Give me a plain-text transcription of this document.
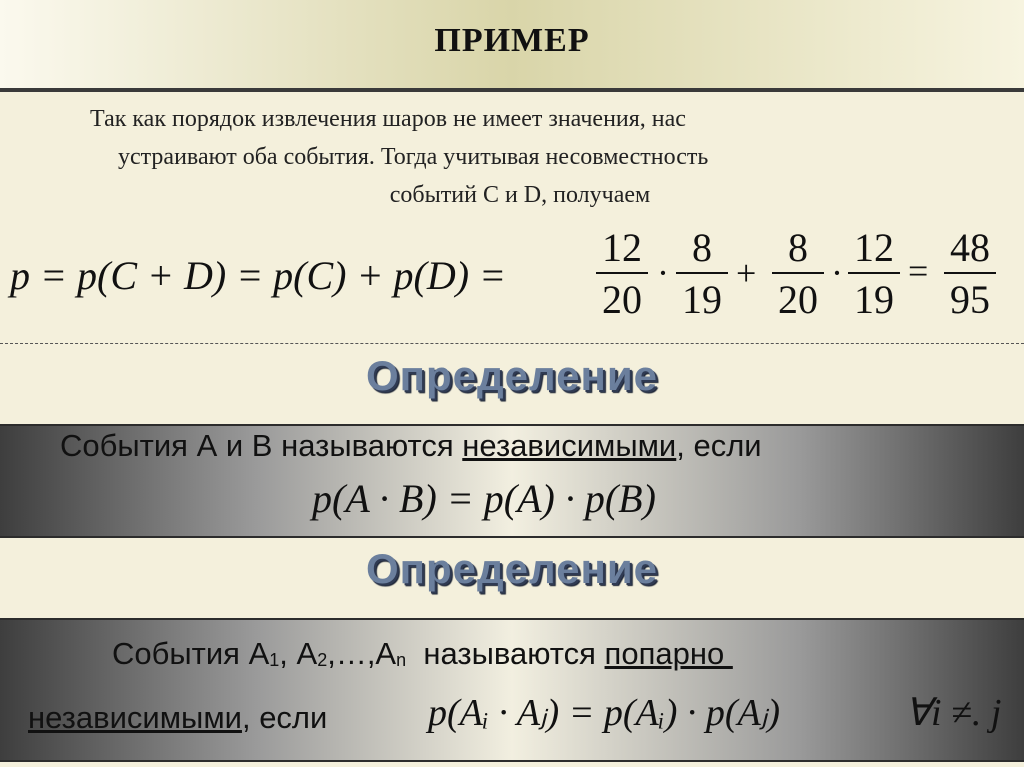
ПРИМЕР
Так как порядок извлечения шаров не имеет значения, нас
устраивают оба события. Тогда учитывая несовместность
событий C и D, получаем
p = p(C + D) = p(C) + p(D) =
12
20
·
8
19
+
8
20
·
12
19
=
48
95
Определение
События А и В называются независимыми, если
p(A · B) = p(A) · p(B)
Определение
События $А_1$, $А_2,\dots,А_n$  называются попарно
независимыми, если	p(Aᵢ · Aⱼ) = p(Aᵢ) · p(Aⱼ)	∀i ≠. j
